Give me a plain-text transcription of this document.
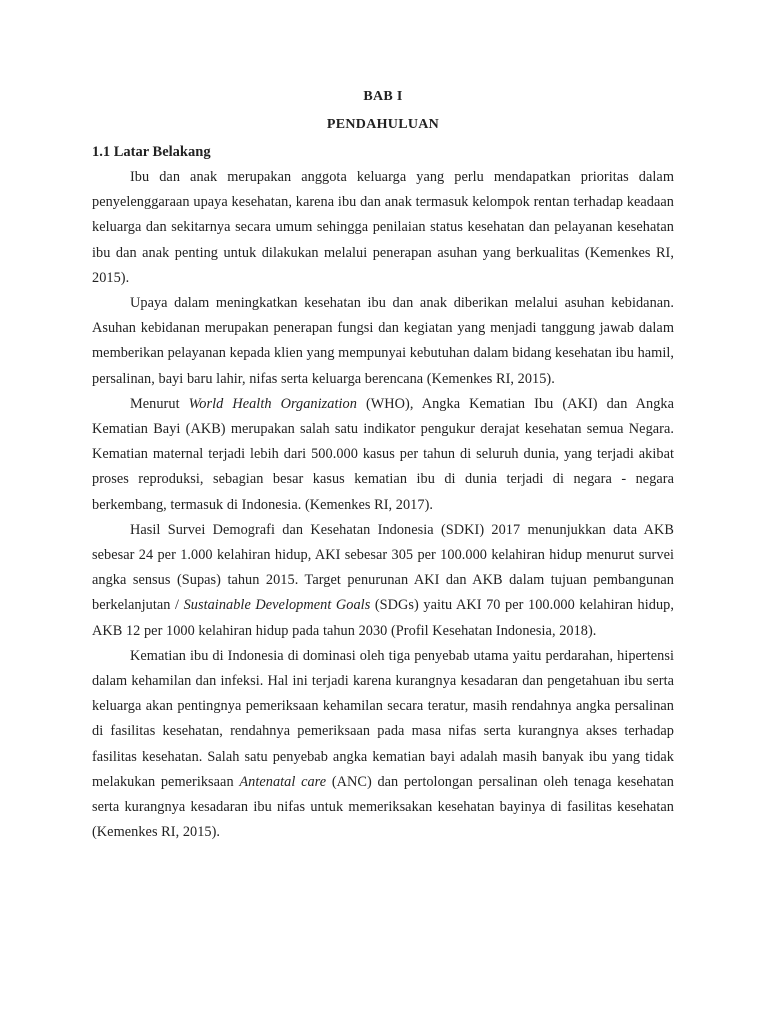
BAB I
PENDAHULUAN
1.1 Latar Belakang

Ibu dan anak merupakan anggota keluarga yang perlu mendapatkan prioritas dalam penyelenggaraan upaya kesehatan, karena ibu dan anak termasuk kelompok rentan terhadap keadaan keluarga dan sekitarnya secara umum sehingga penilaian status kesehatan dan pelayanan kesehatan ibu dan anak penting untuk dilakukan melalui penerapan asuhan yang berkualitas (Kemenkes RI, 2015).

Upaya dalam meningkatkan kesehatan ibu dan anak diberikan melalui asuhan kebidanan. Asuhan kebidanan merupakan penerapan fungsi dan kegiatan yang menjadi tanggung jawab dalam memberikan pelayanan kepada klien yang mempunyai kebutuhan dalam bidang kesehatan ibu hamil, persalinan, bayi baru lahir, nifas serta keluarga berencana (Kemenkes RI, 2015).

Menurut World Health Organization (WHO), Angka Kematian Ibu (AKI) dan Angka Kematian Bayi (AKB) merupakan salah satu indikator pengukur derajat kesehatan semua Negara. Kematian maternal terjadi lebih dari 500.000 kasus per tahun di seluruh dunia, yang terjadi akibat proses reproduksi, sebagian besar kasus kematian ibu di dunia terjadi di negara - negara berkembang, termasuk di Indonesia. (Kemenkes RI, 2017).

Hasil Survei Demografi dan Kesehatan Indonesia (SDKI) 2017 menunjukkan data AKB sebesar 24 per 1.000 kelahiran hidup, AKI sebesar 305 per 100.000 kelahiran hidup menurut survei angka sensus (Supas) tahun 2015. Target penurunan AKI dan AKB dalam tujuan pembangunan berkelanjutan / Sustainable Development Goals (SDGs) yaitu AKI 70 per 100.000 kelahiran hidup, AKB 12 per 1000 kelahiran hidup pada tahun 2030 (Profil Kesehatan Indonesia, 2018).

Kematian ibu di Indonesia di dominasi oleh tiga penyebab utama yaitu perdarahan, hipertensi dalam kehamilan dan infeksi. Hal ini terjadi karena kurangnya kesadaran dan pengetahuan ibu serta keluarga akan pentingnya pemeriksaan kehamilan secara teratur, masih rendahnya angka persalinan di fasilitas kesehatan, rendahnya pemeriksaan pada masa nifas serta kurangnya akses terhadap fasilitas kesehatan. Salah satu penyebab angka kematian bayi adalah masih banyak ibu yang tidak melakukan pemeriksaan Antenatal care (ANC) dan pertolongan persalinan oleh tenaga kesehatan serta kurangnya kesadaran ibu nifas untuk memeriksakan kesehatan bayinya di fasilitas kesehatan (Kemenkes RI, 2015).
